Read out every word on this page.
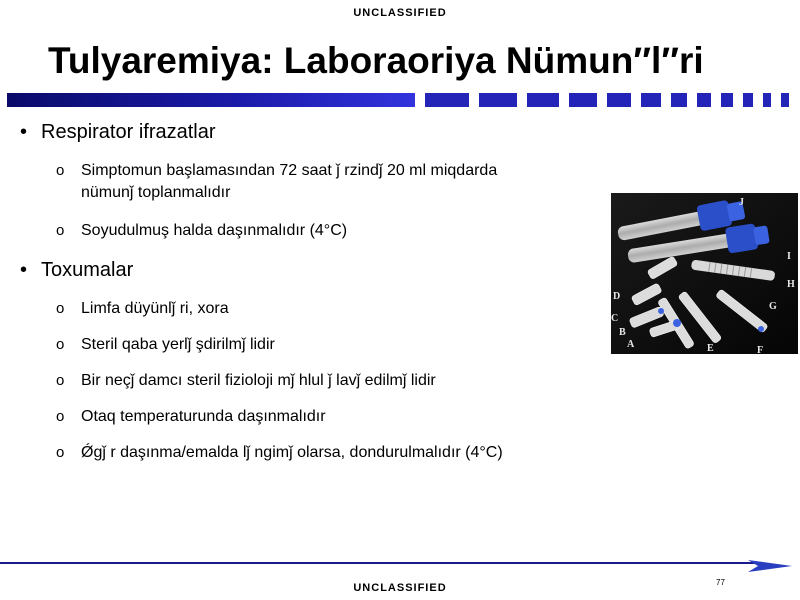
UNCLASSIFIED
Tulyaremiya: Laboraoriya Nümun″l″ri
• Respirator ifrazatlar
o Simptomun başlamasından 72 saat ǰ rzindǰ 20 ml miqdarda
nümunǰ toplanmalıdır
o Soyudulmuş halda daşınmalıdır (4°C)
• Toxumalar
o Limfa düyünlǰ ri, xora
o Steril qaba yerlǰ şdirilmǰ lidir
o Bir neçǰ damcı steril fizioloji mǰ hlul ǰ lavǰ edilmǰ lidir
o Otaq temperaturunda daşınmalıdır
o Ǿgǰ r daşınma/emalda lǰ ngimǰ olarsa, dondurulmalıdır (4°C)
J
I
H
G
F
E
D
C
B
A
77
UNCLASSIFIED
